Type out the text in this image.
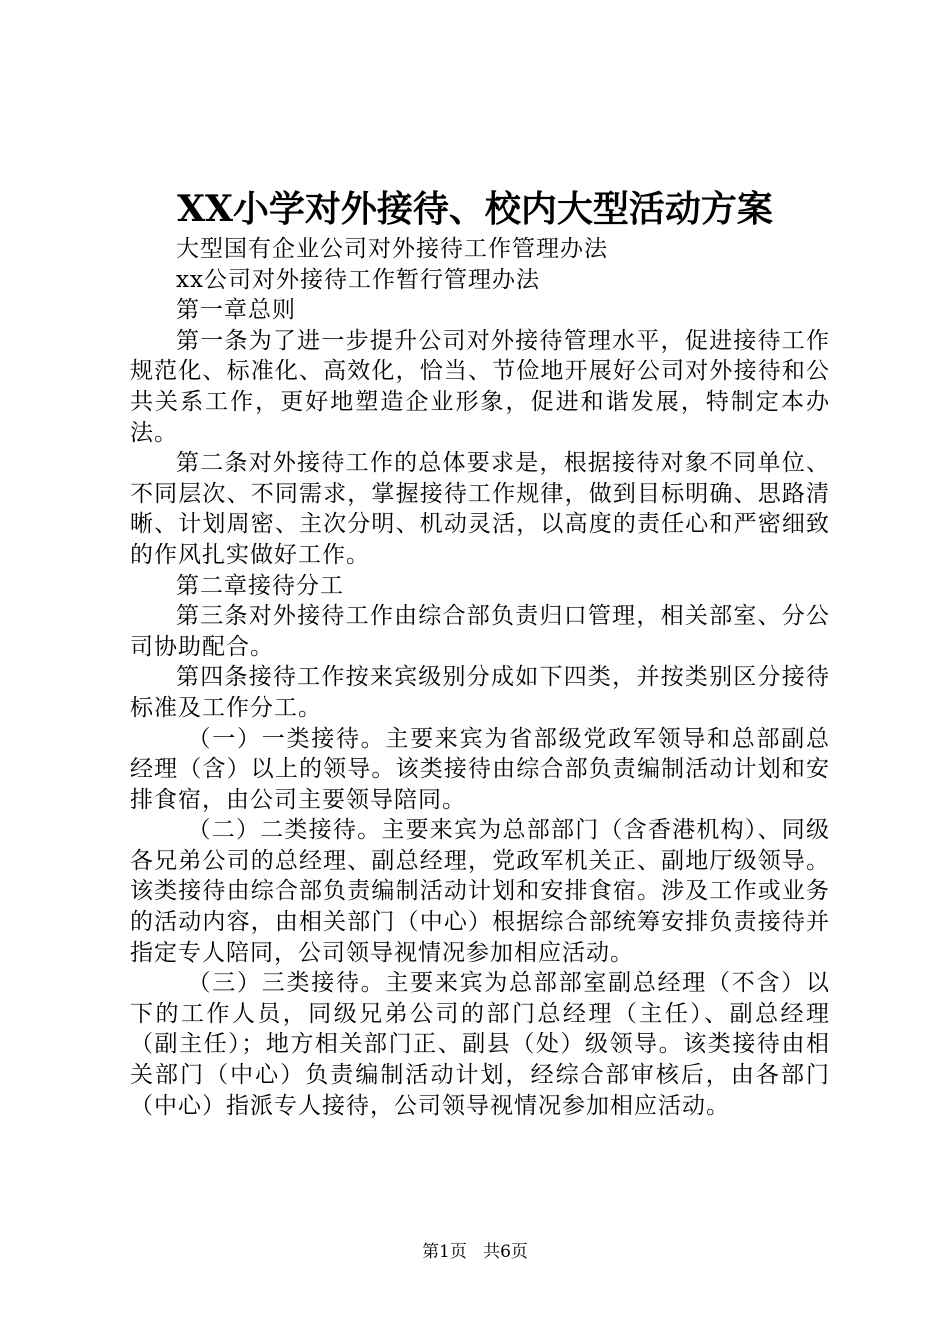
XX小学对外接待、校内大型活动方案

大型国有企业公司对外接待工作管理办法

xx公司对外接待工作暂行管理办法

第一章总则

第一条为了进一步提升公司对外接待管理水平，促进接待工作规范化、标准化、高效化，恰当、节俭地开展好公司对外接待和公共关系工作，更好地塑造企业形象，促进和谐发展，特制定本办法。

第二条对外接待工作的总体要求是，根据接待对象不同单位、不同层次、不同需求，掌握接待工作规律，做到目标明确、思路清晰、计划周密、主次分明、机动灵活，以高度的责任心和严密细致的作风扎实做好工作。

第二章接待分工

第三条对外接待工作由综合部负责归口管理，相关部室、分公司协助配合。

第四条接待工作按来宾级别分成如下四类，并按类别区分接待标准及工作分工。

（一）一类接待。主要来宾为省部级党政军领导和总部副总经理（含）以上的领导。该类接待由综合部负责编制活动计划和安排食宿，由公司主要领导陪同。

（二）二类接待。主要来宾为总部部门（含香港机构）、同级各兄弟公司的总经理、副总经理，党政军机关正、副地厅级领导。该类接待由综合部负责编制活动计划和安排食宿。涉及工作或业务的活动内容，由相关部门（中心）根据综合部统筹安排负责接待并指定专人陪同，公司领导视情况参加相应活动。

（三）三类接待。主要来宾为总部部室副总经理（不含）以下的工作人员，同级兄弟公司的部门总经理（主任）、副总经理（副主任）；地方相关部门正、副县（处）级领导。该类接待由相关部门（中心）负责编制活动计划，经综合部审核后，由各部门（中心）指派专人接待，公司领导视情况参加相应活动。

第1页 共6页
